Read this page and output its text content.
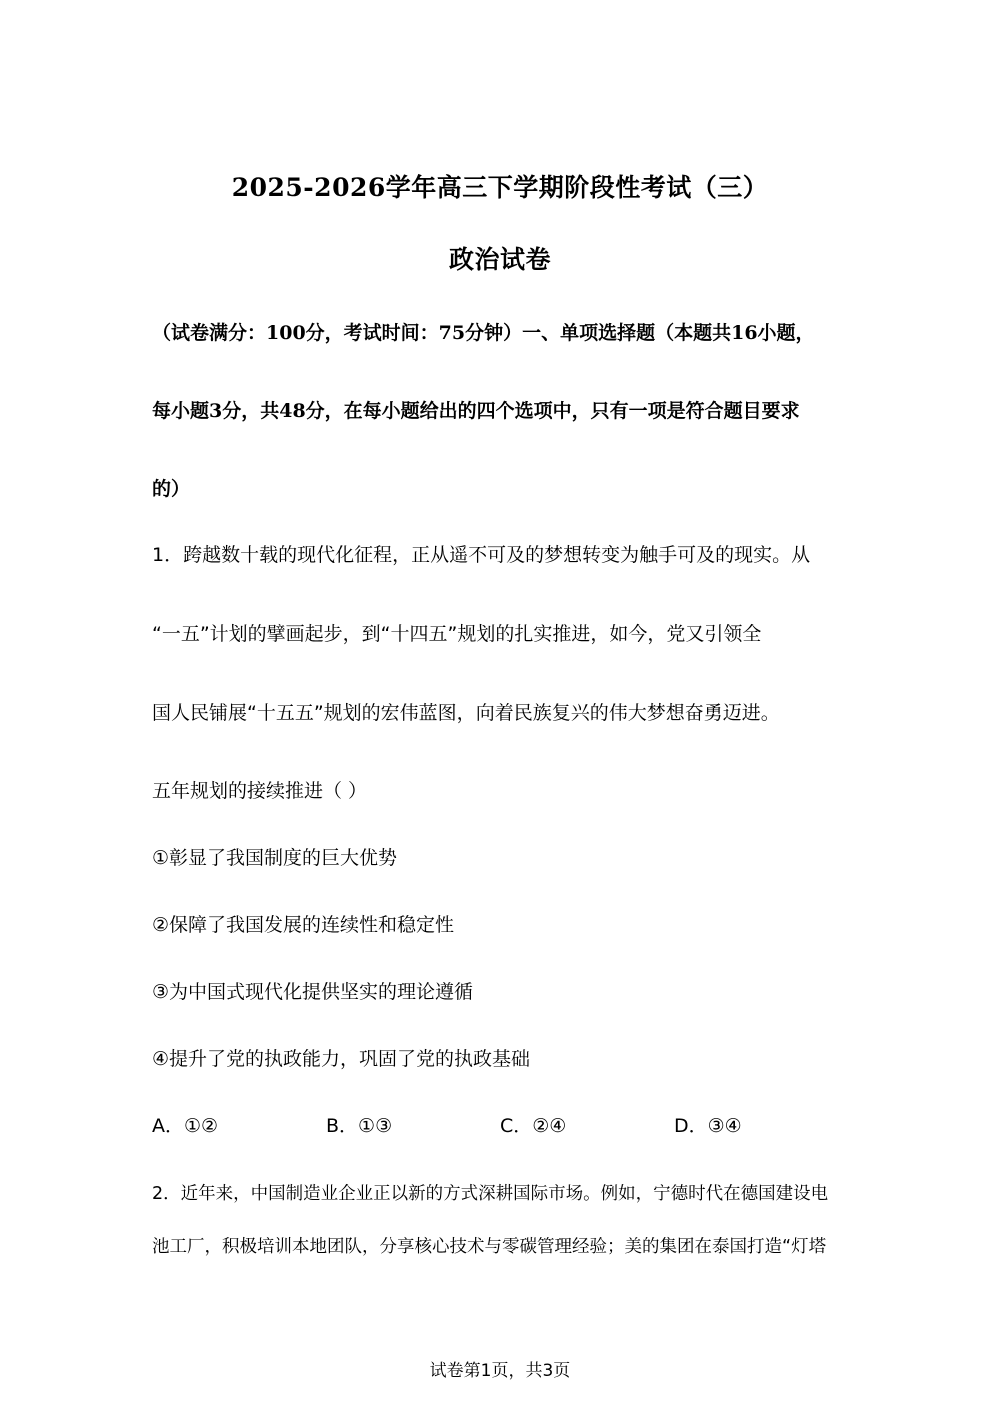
2025-2026学年高三下学期阶段性考试（三）
政治试卷
（试卷满分：100分，考试时间：75分钟）一、单项选择题（本题共16小题，
每小题3分，共48分，在每小题给出的四个选项中，只有一项是符合题目要求
的）
1．跨越数十载的现代化征程，正从遥不可及的梦想转变为触手可及的现实。从
“一五”计划的擘画起步，到“十四五”规划的扎实推进，如今，党又引领全
国人民铺展“十五五”规划的宏伟蓝图，向着民族复兴的伟大梦想奋勇迈进。
五年规划的接续推进（ ）
①彰显了我国制度的巨大优势
②保障了我国发展的连续性和稳定性
③为中国式现代化提供坚实的理论遵循
④提升了党的执政能力，巩固了党的执政基础
A．①②	B．①③	C．②④	D．③④
2．近年来，中国制造业企业正以新的方式深耕国际市场。例如，宁德时代在德国建设电
池工厂，积极培训本地团队，分享核心技术与零碳管理经验；美的集团在泰国打造“灯塔
试卷第1页，共3页
